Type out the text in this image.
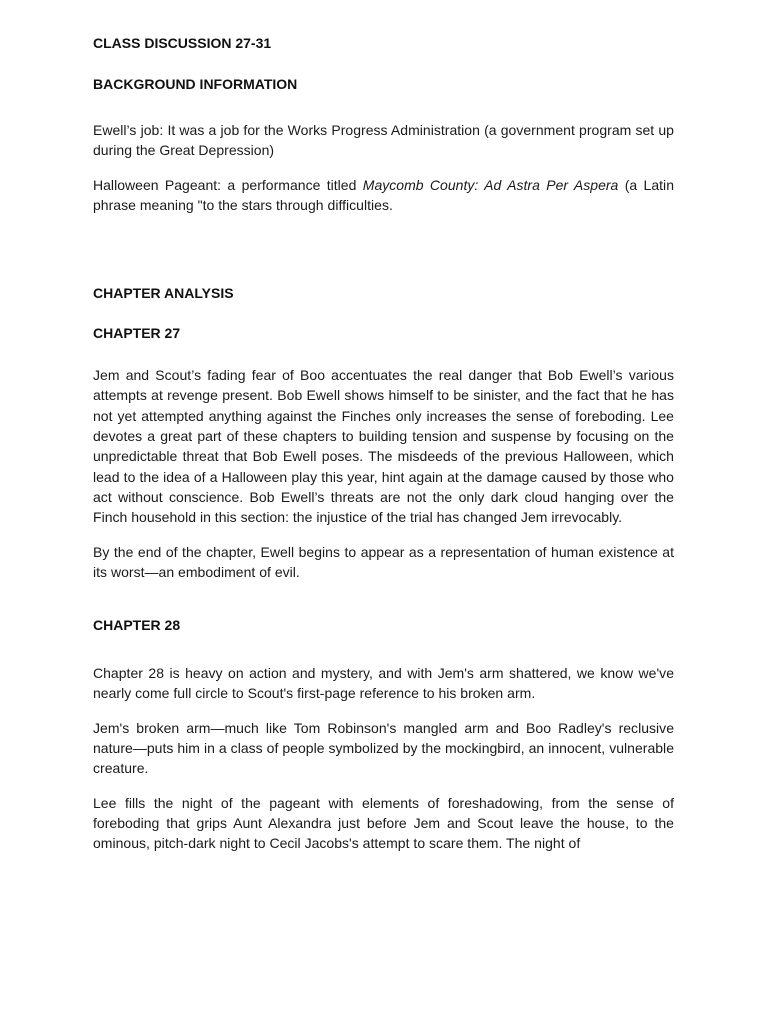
CLASS DISCUSSION 27-31
BACKGROUND INFORMATION

Ewell’s job: It was a job for the Works Progress Administration (a government program set up during the Great Depression)

Halloween Pageant: a performance titled Maycomb County: Ad Astra Per Aspera (a Latin phrase meaning "to the stars through difficulties.

CHAPTER ANALYSIS
CHAPTER 27

Jem and Scout’s fading fear of Boo accentuates the real danger that Bob Ewell’s various attempts at revenge present. Bob Ewell shows himself to be sinister, and the fact that he has not yet attempted anything against the Finches only increases the sense of foreboding. Lee devotes a great part of these chapters to building tension and suspense by focusing on the unpredictable threat that Bob Ewell poses. The misdeeds of the previous Halloween, which lead to the idea of a Halloween play this year, hint again at the damage caused by those who act without conscience. Bob Ewell’s threats are not the only dark cloud hanging over the Finch household in this section: the injustice of the trial has changed Jem irrevocably.

By the end of the chapter, Ewell begins to appear as a representation of human existence at its worst—an embodiment of evil.

CHAPTER 28

Chapter 28 is heavy on action and mystery, and with Jem's arm shattered, we know we've nearly come full circle to Scout's first-page reference to his broken arm.

Jem's broken arm—much like Tom Robinson's mangled arm and Boo Radley's reclusive nature—puts him in a class of people symbolized by the mockingbird, an innocent, vulnerable creature.

Lee fills the night of the pageant with elements of foreshadowing, from the sense of foreboding that grips Aunt Alexandra just before Jem and Scout leave the house, to the ominous, pitch-dark night to Cecil Jacobs's attempt to scare them. The night of
